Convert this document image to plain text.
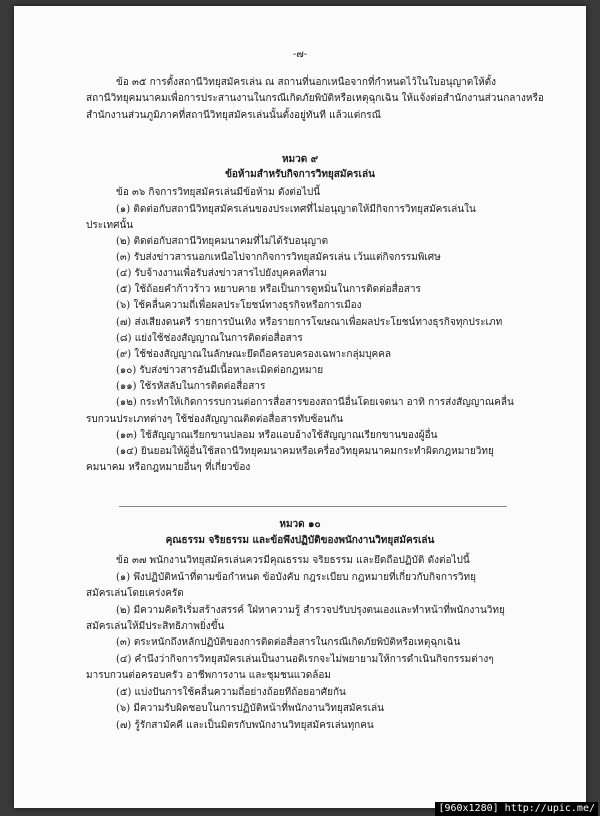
-๗-
ข้อ ๓๕ การตั้งสถานีวิทยุสมัครเล่น ณ สถานที่นอกเหนือจากที่กำหนดไว้ในใบอนุญาตให้ตั้ง
สถานีวิทยุคมนาคมเพื่อการประสานงานในกรณีเกิดภัยพิบัติหรือเหตุฉุกเฉิน ให้แจ้งต่อสำนักงานส่วนกลางหรือ
สำนักงานส่วนภูมิภาคที่สถานีวิทยุสมัครเล่นนั้นตั้งอยู่ทันที แล้วแต่กรณี
หมวด ๙
ข้อห้ามสำหรับกิจการวิทยุสมัครเล่น
ข้อ ๓๖ กิจการวิทยุสมัครเล่นมีข้อห้าม ดังต่อไปนี้
(๑) ติดต่อกับสถานีวิทยุสมัครเล่นของประเทศที่ไม่อนุญาตให้มีกิจการวิทยุสมัครเล่นใน
ประเทศนั้น
(๒) ติดต่อกับสถานีวิทยุคมนาคมที่ไม่ได้รับอนุญาต
(๓) รับส่งข่าวสารนอกเหนือไปจากกิจการวิทยุสมัครเล่น เว้นแต่กิจกรรมพิเศษ
(๔) รับจ้างงานเพื่อรับส่งข่าวสารไปยังบุคคลที่สาม
(๕) ใช้ถ้อยคำก้าวร้าว หยาบคาย หรือเป็นการดูหมิ่นในการติดต่อสื่อสาร
(๖) ใช้คลื่นความถี่เพื่อผลประโยชน์ทางธุรกิจหรือการเมือง
(๗) ส่งเสียงดนตรี รายการบันเทิง หรือรายการโฆษณาเพื่อผลประโยชน์ทางธุรกิจทุกประเภท
(๘) แย่งใช้ช่องสัญญาณในการติดต่อสื่อสาร
(๙) ใช้ช่องสัญญาณในลักษณะยึดถือครอบครองเฉพาะกลุ่มบุคคล
(๑๐) รับส่งข่าวสารอันมีเนื้อหาละเมิดต่อกฎหมาย
(๑๑) ใช้รหัสลับในการติดต่อสื่อสาร
(๑๒) กระทำให้เกิดการรบกวนต่อการสื่อสารของสถานีอื่นโดยเจตนา อาทิ การส่งสัญญาณคลื่น
รบกวนประเภทต่างๆ ใช้ช่องสัญญาณติดต่อสื่อสารทับซ้อนกัน
(๑๓) ใช้สัญญาณเรียกขานปลอม หรือแอบอ้างใช้สัญญาณเรียกขานของผู้อื่น
(๑๔) ยินยอมให้ผู้อื่นใช้สถานีวิทยุคมนาคมหรือเครื่องวิทยุคมนาคมกระทำผิดกฎหมายวิทยุ
คมนาคม หรือกฎหมายอื่นๆ ที่เกี่ยวข้อง
หมวด ๑๐
คุณธรรม จริยธรรม และข้อพึงปฏิบัติของพนักงานวิทยุสมัครเล่น
ข้อ ๓๗ พนักงานวิทยุสมัครเล่นควรมีคุณธรรม จริยธรรม และยึดถือปฏิบัติ ดังต่อไปนี้
(๑) พึงปฏิบัติหน้าที่ตามข้อกำหนด ข้อบังคับ กฎระเบียบ กฎหมายที่เกี่ยวกับกิจการวิทยุ
สมัครเล่นโดยเคร่งครัด
(๒) มีความคิดริเริ่มสร้างสรรค์ ใฝ่หาความรู้ สำรวจปรับปรุงตนเองและทำหน้าที่พนักงานวิทยุ
สมัครเล่นให้มีประสิทธิภาพยิ่งขึ้น
(๓) ตระหนักถึงหลักปฏิบัติของการติดต่อสื่อสารในกรณีเกิดภัยพิบัติหรือเหตุฉุกเฉิน
(๔) คำนึงว่ากิจการวิทยุสมัครเล่นเป็นงานอดิเรกจะไม่พยายามให้การดำเนินกิจกรรมต่างๆ
มารบกวนต่อครอบครัว อาชีพการงาน และชุมชนแวดล้อม
(๕) แบ่งปันการใช้คลื่นความถี่อย่างถ้อยทีถ้อยอาศัยกัน
(๖) มีความรับผิดชอบในการปฏิบัติหน้าที่พนักงานวิทยุสมัครเล่น
(๗) รู้รักสามัคคี และเป็นมิตรกับพนักงานวิทยุสมัครเล่นทุกคน
[960x1280] http://upic.me/
